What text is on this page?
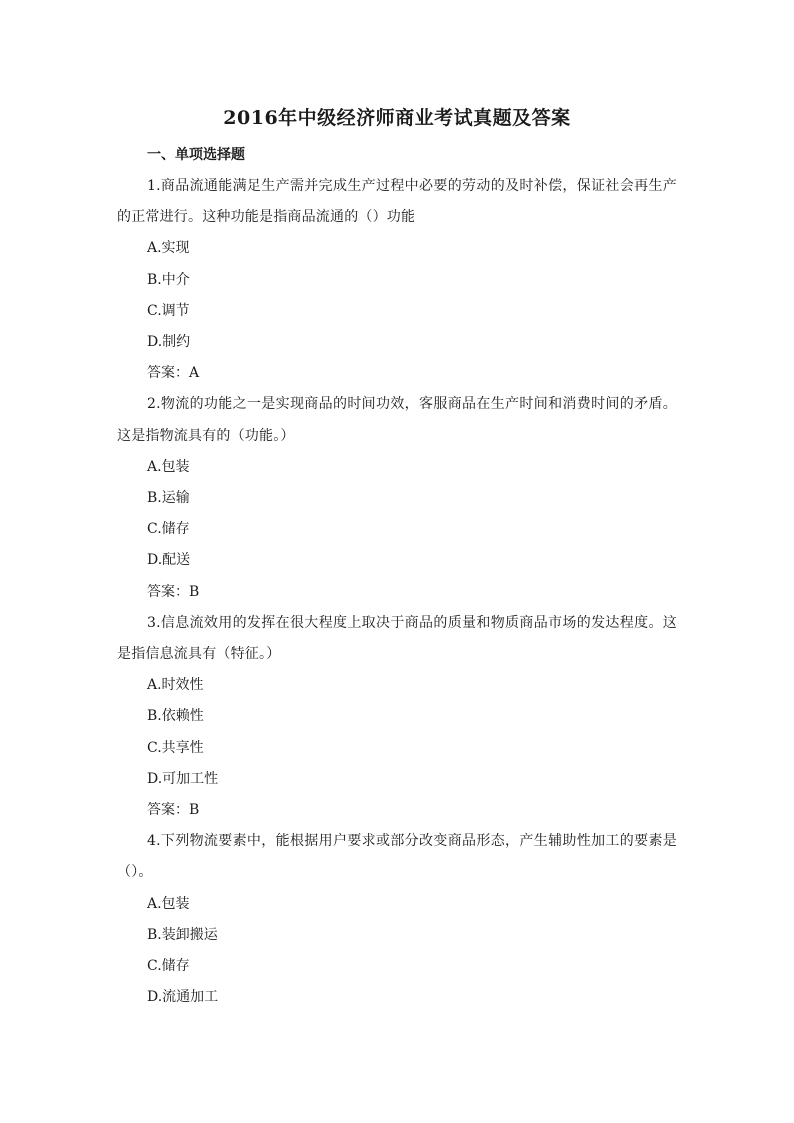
2016年中级经济师商业考试真题及答案
一、单项选择题

1.商品流通能满足生产需并完成生产过程中必要的劳动的及时补偿，保证社会再生产的正常进行。这种功能是指商品流通的（）功能

A.实现

B.中介

C.调节

D.制约

答案：A

2.物流的功能之一是实现商品的时间功效，客服商品在生产时间和消费时间的矛盾。这是指物流具有的（功能。）

A.包装

B.运输

C.储存

D.配送

答案：B

3.信息流效用的发挥在很大程度上取决于商品的质量和物质商品市场的发达程度。这是指信息流具有（特征。）

A.时效性

B.依赖性

C.共享性

D.可加工性

答案：B

4.下列物流要素中，能根据用户要求或部分改变商品形态，产生辅助性加工的要素是（）。

A.包装

B.装卸搬运

C.储存

D.流通加工
